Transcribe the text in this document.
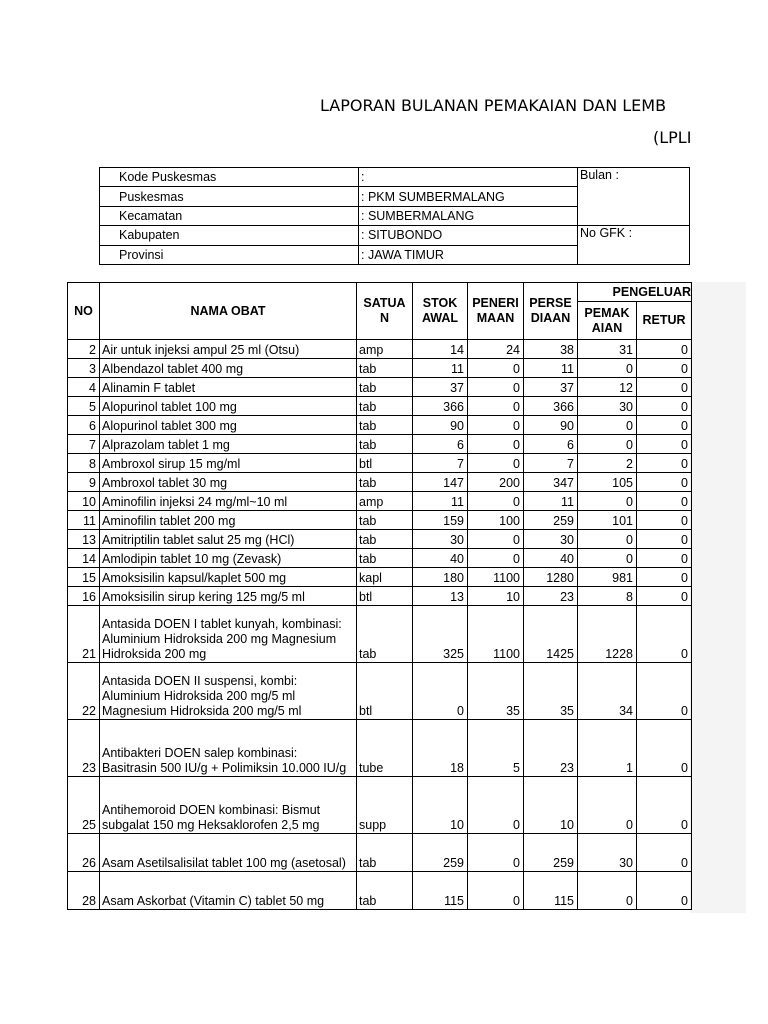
LAPORAN BULANAN PEMAKAIAN DAN LEMB
(LPLI
Kode Puskesmas	:	Bulan :
Puskesmas	: PKM SUMBERMALANG	
Kecamatan	: SUMBERMALANG	
Kabupaten	: SITUBONDO	No GFK :
Provinsi	: JAWA TIMUR	
NO	NAMA OBAT	SATUA N	STOK AWAL	PENERI MAAN	PERSE DIAAN	PENGELUAR	
						PEMAK AIAN	RETUR
2	Air untuk injeksi ampul 25 ml (Otsu)	amp	14	24	38	31	0
3	Albendazol tablet 400 mg	tab	11	0	11	0	0
4	Alinamin F tablet	tab	37	0	37	12	0
5	Alopurinol tablet 100 mg	tab	366	0	366	30	0
6	Alopurinol tablet 300 mg	tab	90	0	90	0	0
7	Alprazolam tablet 1 mg	tab	6	0	6	0	0
8	Ambroxol sirup 15 mg/ml	btl	7	0	7	2	0
9	Ambroxol tablet 30 mg	tab	147	200	347	105	0
10	Aminofilin injeksi 24 mg/ml~10 ml	amp	11	0	11	0	0
11	Aminofilin tablet 200 mg	tab	159	100	259	101	0
13	Amitriptilin tablet salut 25 mg (HCl)	tab	30	0	30	0	0
14	Amlodipin tablet 10 mg (Zevask)	tab	40	0	40	0	0
15	Amoksisilin kapsul/kaplet 500 mg	kapl	180	1100	1280	981	0
16	Amoksisilin sirup kering 125 mg/5 ml	btl	13	10	23	8	0
21	Antasida DOEN I tablet kunyah, kombinasi: Aluminium Hidroksida 200 mg Magnesium Hidroksida 200 mg	tab	325	1100	1425	1228	0
22	Antasida DOEN II suspensi, kombi: Aluminium Hidroksida 200 mg/5 ml Magnesium Hidroksida 200 mg/5 ml	btl	0	35	35	34	0
23	Antibakteri DOEN salep kombinasi: Basitrasin 500 IU/g + Polimiksin 10.000 IU/g	tube	18	5	23	1	0
25	Antihemoroid DOEN kombinasi: Bismut subgalat 150 mg Heksaklorofen 2,5 mg	supp	10	0	10	0	0
26	Asam Asetilsalisilat tablet 100 mg (asetosal)	tab	259	0	259	30	0
28	Asam Askorbat (Vitamin C) tablet 50 mg	tab	115	0	115	0	0
